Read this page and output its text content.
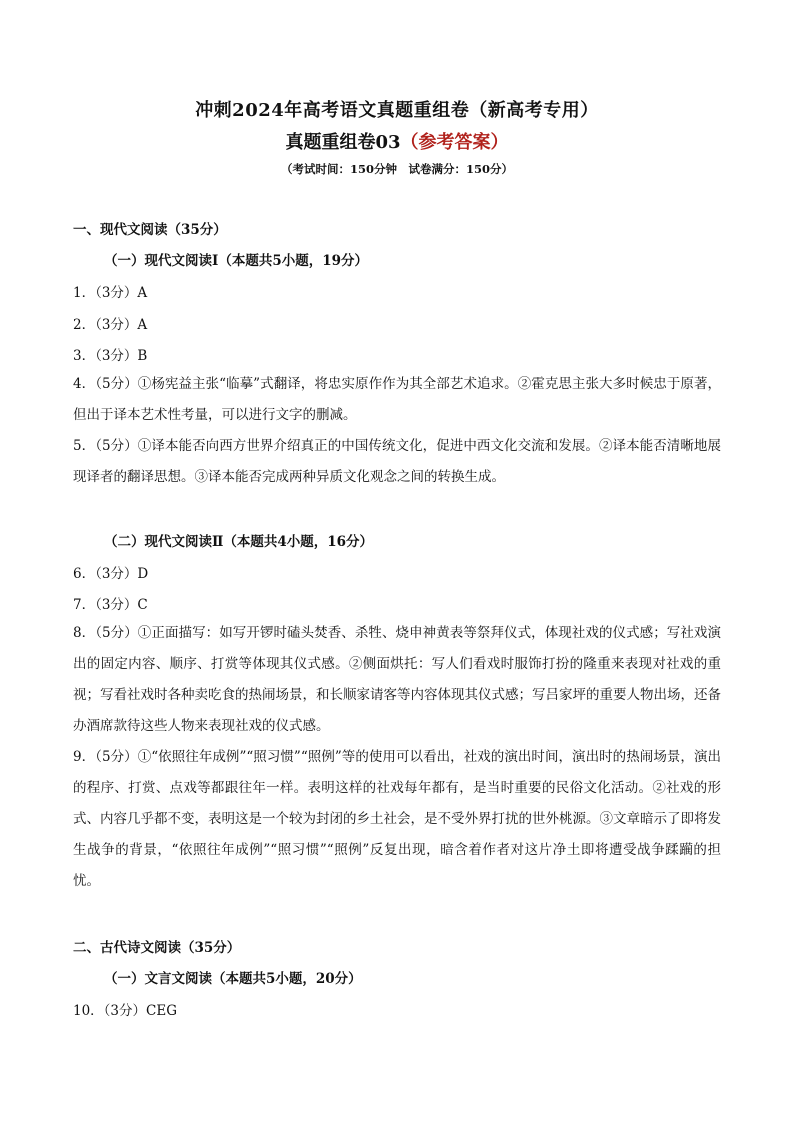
冲刺2024年高考语文真题重组卷（新高考专用）
真题重组卷03（参考答案）
（考试时间：150分钟　试卷满分：150分）
一、现代文阅读（35分）
（一）现代文阅读Ⅰ（本题共5小题，19分）
1．（3分）A
2．（3分）A
3．（3分）B

4．（5分）①杨宪益主张“临摹”式翻译，将忠实原作作为其全部艺术追求。②霍克思主张大多时候忠于原著，但出于译本艺术性考量，可以进行文字的删减。

5．（5分）①译本能否向西方世界介绍真正的中国传统文化，促进中西文化交流和发展。②译本能否清晰地展现译者的翻译思想。③译本能否完成两种异质文化观念之间的转换生成。

（二）现代文阅读Ⅱ（本题共4小题，16分）
6．（3分）D
7．（3分）C

8．（5分）①正面描写：如写开锣时磕头焚香、杀牲、烧申神黄表等祭拜仪式，体现社戏的仪式感；写社戏演出的固定内容、顺序、打赏等体现其仪式感。②侧面烘托：写人们看戏时服饰打扮的隆重来表现对社戏的重视；写看社戏时各种卖吃食的热闹场景，和长顺家请客等内容体现其仪式感；写吕家坪的重要人物出场，还备办酒席款待这些人物来表现社戏的仪式感。

9．（5分）①“依照往年成例”“照习惯”“照例”等的使用可以看出，社戏的演出时间，演出时的热闹场景，演出的程序、打赏、点戏等都跟往年一样。表明这样的社戏每年都有，是当时重要的民俗文化活动。②社戏的形式、内容几乎都不变，表明这是一个较为封闭的乡土社会，是不受外界打扰的世外桃源。③文章暗示了即将发生战争的背景，“依照往年成例”“照习惯”“照例”反复出现，暗含着作者对这片净土即将遭受战争蹂躏的担忧。

二、古代诗文阅读（35分）
（一）文言文阅读（本题共5小题，20分）
10．（3分）CEG
